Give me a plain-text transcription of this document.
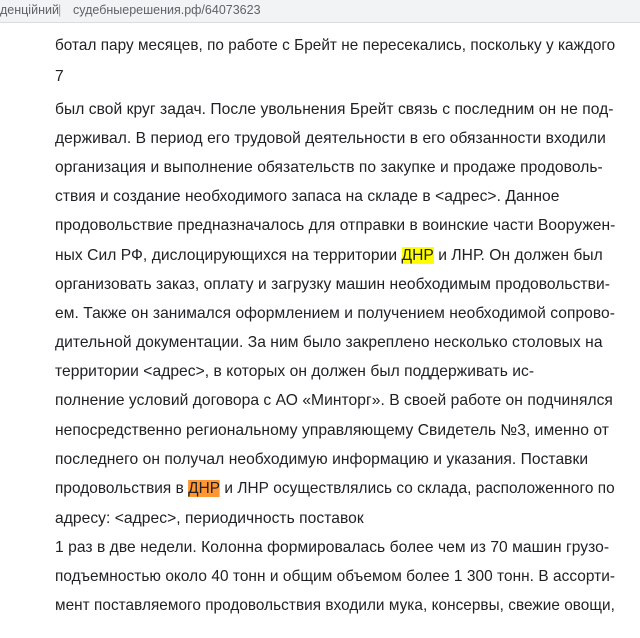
денційний | судебныерешения.рф/64073623
ботал пару месяцев, по работе с Брейт не пересекались, поскольку у каждого
7
был свой круг задач. После увольнения Брейт связь с последним он не под-
держивал. В период его трудовой деятельности в его обязанности входили
организация и выполнение обязательств по закупке и продаже продоволь-
ствия и создание необходимого запаса на складе в <адрес>. Данное
продовольствие предназначалось для отправки в воинские части Вооружен-
ных Сил РФ, дислоцирующихся на территории ДНР и ЛНР. Он должен был
организовать заказ, оплату и загрузку машин необходимым продовольстви-
ем. Также он занимался оформлением и получением необходимой сопрово-
дительной документации. За ним было закреплено несколько столовых на
территории <адрес>, в которых он должен был поддерживать ис-
полнение условий договора с АО «Минторг». В своей работе он подчинялся
непосредственно региональному управляющему Свидетель №3, именно от
последнего он получал необходимую информацию и указания. Поставки
продовольствия в ДНР и ЛНР осуществлялись со склада, расположенного по
адресу: <адрес>, периодичность поставок
1 раз в две недели. Колонна формировалась более чем из 70 машин грузо-
подъемностью около 40 тонн и общим объемом более 1 300 тонн. В ассорти-
мент поставляемого продовольствия входили мука, консервы, свежие овощи,
